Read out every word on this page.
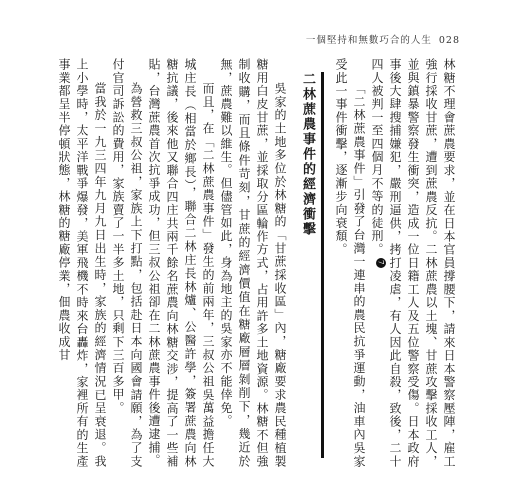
一個堅持和無數巧合的人生 028

林糖不理會蔗農要求，並在日本官員撐腰下，請來日本警察壓陣，雇工強行採收甘蔗，遭到蔗農反抗。二林蔗農以土塊、甘蔗攻擊採收工人，並與鎮暴警察發生衝突，造成一位日籍工人及五位警察受傷。日本政府事後大肆搜捕嫌犯，嚴刑逼供，拷打凌虐，有人因此自殺，致後，二十四人被判一至四個月不等的徒刑。7

「二林蔗農事件」引發了台灣一連串的農民抗爭運動，油車內吳家受此一事件衝擊，逐漸步向衰頹。

二林蔗農事件的經濟衝擊

吳家的土地多位於林糖的「甘蔗採收區」內，糖廠要求農民種植製糖用白皮甘蔗，並採取分區輪作方式，占用許多土地資源。林糖不但強制收購，而且條件苛刻，甘蔗的經濟價值在糖廠層層剝削下，幾近於無，蔗農難以維生。但儘管如此，身為地主的吳家亦不能倖免。

而且，在「二林蔗農事件」發生的前兩年，三叔公祖吳萬益擔任大城庄長（相當於鄉長），聯合二林庄長林爐、公醫許學，簽署蔗農向林糖抗議，後來他又聯合四庄共兩千餘名蔗農向林糖交涉，提高了一些補貼，台灣蔗農首次抗爭成功，但三叔公祖卻在二林蔗農事件後遭逮捕。

為營救三叔公祖，家族上下打點，包括赴日本向國會請願，為了支付官司訴訟的費用，家族賣了一半多土地，只剩下三百多甲。

當我於一九三四年九月九日出生時，家族的經濟情況已呈衰退。我上小學時，太平洋戰爭爆發，美軍飛機不時來台轟炸，家裡所有的生產事業都呈半停頓狀態，林糖的糖廠停業，佃農收成甘
